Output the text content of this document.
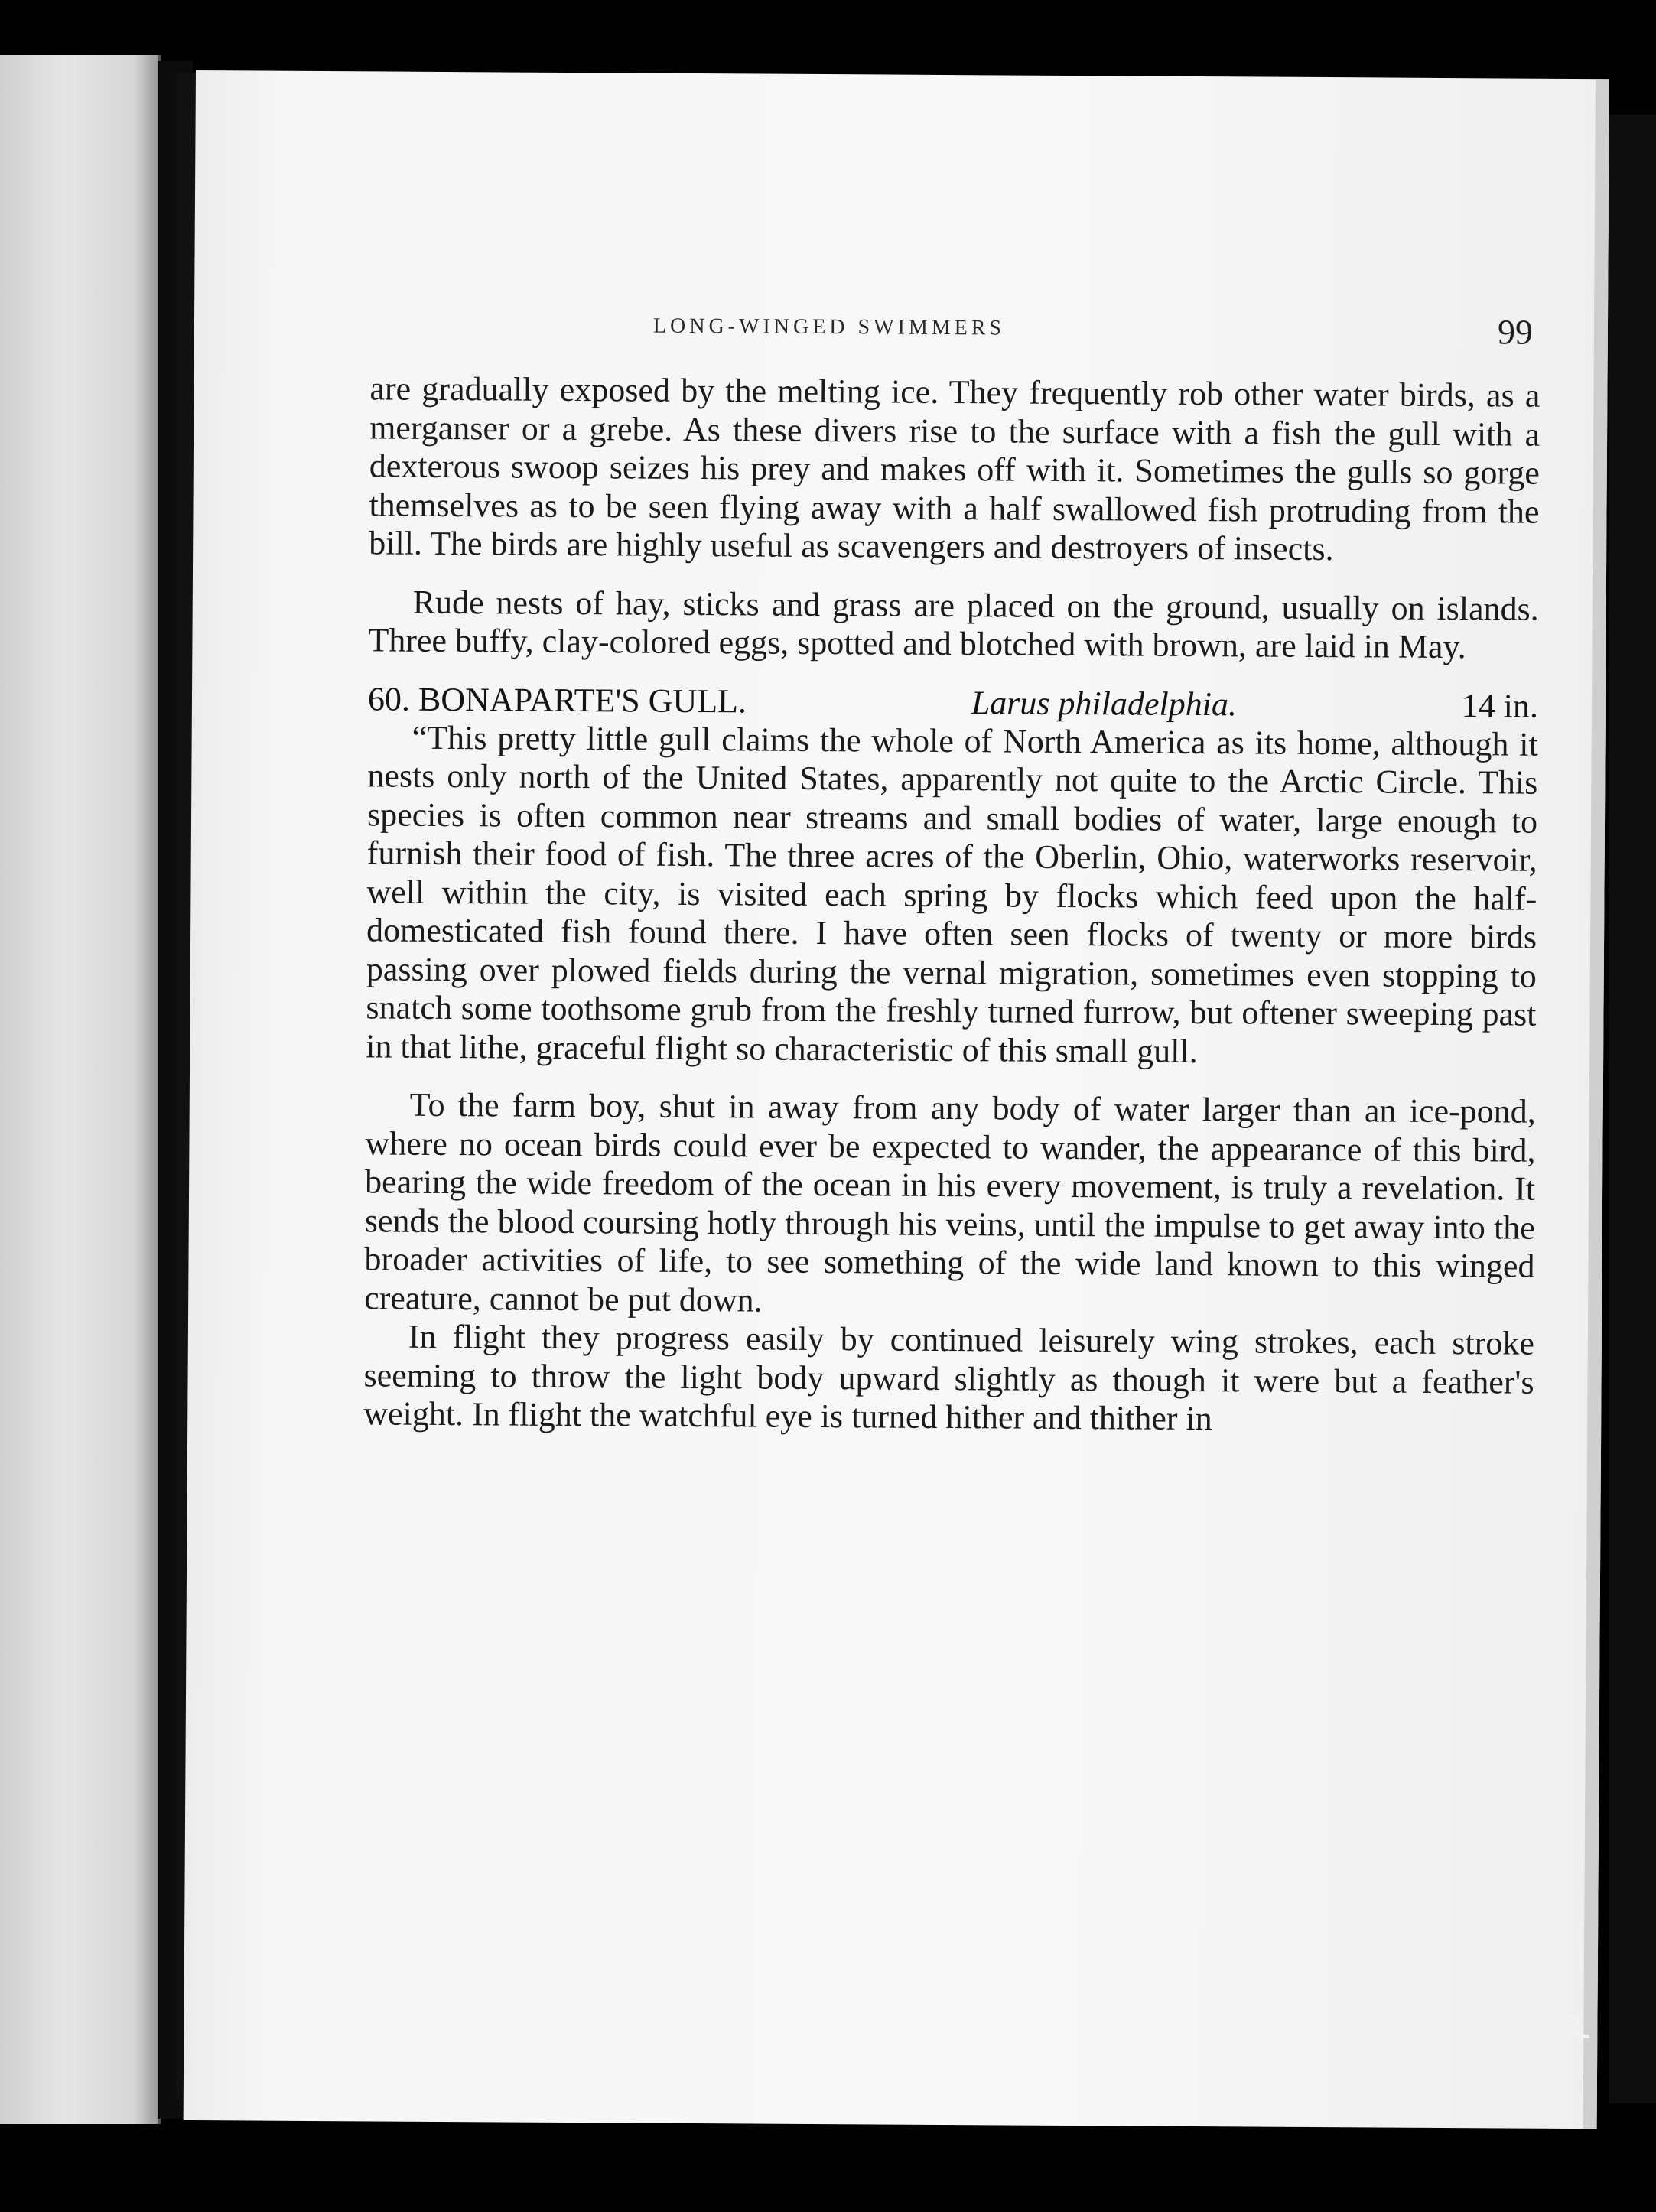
LONG-WINGED SWIMMERS	99

are gradually exposed by the melting ice. They frequently rob other water birds, as a merganser or a grebe. As these divers rise to the surface with a fish the gull with a dexterous swoop seizes his prey and makes off with it. Sometimes the gulls so gorge themselves as to be seen flying away with a half swallowed fish protruding from the bill. The birds are highly useful as scavengers and destroyers of insects.

Rude nests of hay, sticks and grass are placed on the ground, usually on islands. Three buffy, clay-colored eggs, spotted and blotched with brown, are laid in May.

60. BONAPARTE'S GULL.	Larus philadelphia.	14 in.

“This pretty little gull claims the whole of North America as its home, although it nests only north of the United States, apparently not quite to the Arctic Circle. This species is often common near streams and small bodies of water, large enough to furnish their food of fish. The three acres of the Oberlin, Ohio, waterworks reservoir, well within the city, is visited each spring by flocks which feed upon the half-domesticated fish found there. I have often seen flocks of twenty or more birds passing over plowed fields during the vernal migration, sometimes even stopping to snatch some toothsome grub from the freshly turned furrow, but oftener sweeping past in that lithe, graceful flight so characteristic of this small gull.

To the farm boy, shut in away from any body of water larger than an ice-pond, where no ocean birds could ever be expected to wander, the appearance of this bird, bearing the wide freedom of the ocean in his every movement, is truly a revelation. It sends the blood coursing hotly through his veins, until the impulse to get away into the broader activities of life, to see something of the wide land known to this winged creature, cannot be put down.

In flight they progress easily by continued leisurely wing strokes, each stroke seeming to throw the light body upward slightly as though it were but a feather's weight. In flight the watchful eye is turned hither and thither in
